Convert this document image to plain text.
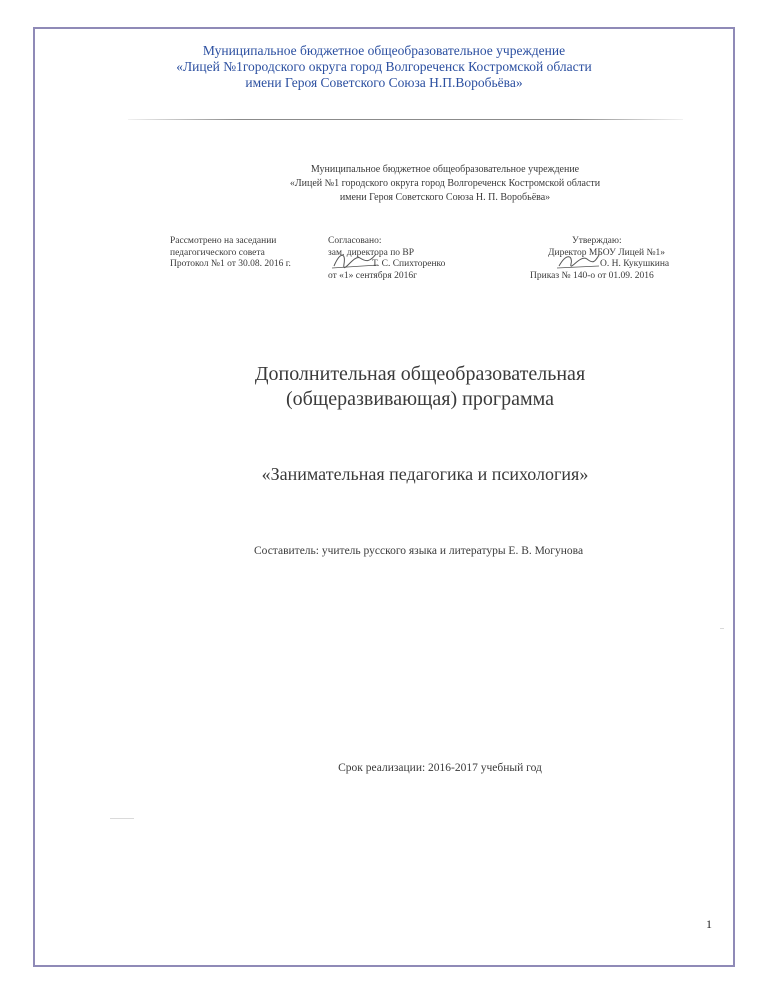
Муниципальное бюджетное общеобразовательное учреждение
«Лицей №1городского округа город Волгореченск Костромской области
имени Героя Советского Союза Н.П.Воробьёва»
Муниципальное бюджетное общеобразовательное учреждение
«Лицей №1 городского округа город Волгореченск Костромской области
имени Героя Советского Союза Н. П. Воробьёва»
Рассмотрено на заседании
педагогического совета
Протокол №1 от 30.08. 2016 г.
Согласовано:
зам. директора по ВР
Т. С. Спихторенко
от «1» сентября 2016г
Утверждаю:
Директор МБОУ Лицей №1»
О. Н. Кукушкина
Приказ № 140-о от 01.09. 2016
Дополнительная общеобразовательная
(общеразвивающая) программа
«Занимательная педагогика и психология»
Составитель: учитель русского языка и литературы Е. В. Могунова
Срок реализации: 2016-2017 учебный год
1
